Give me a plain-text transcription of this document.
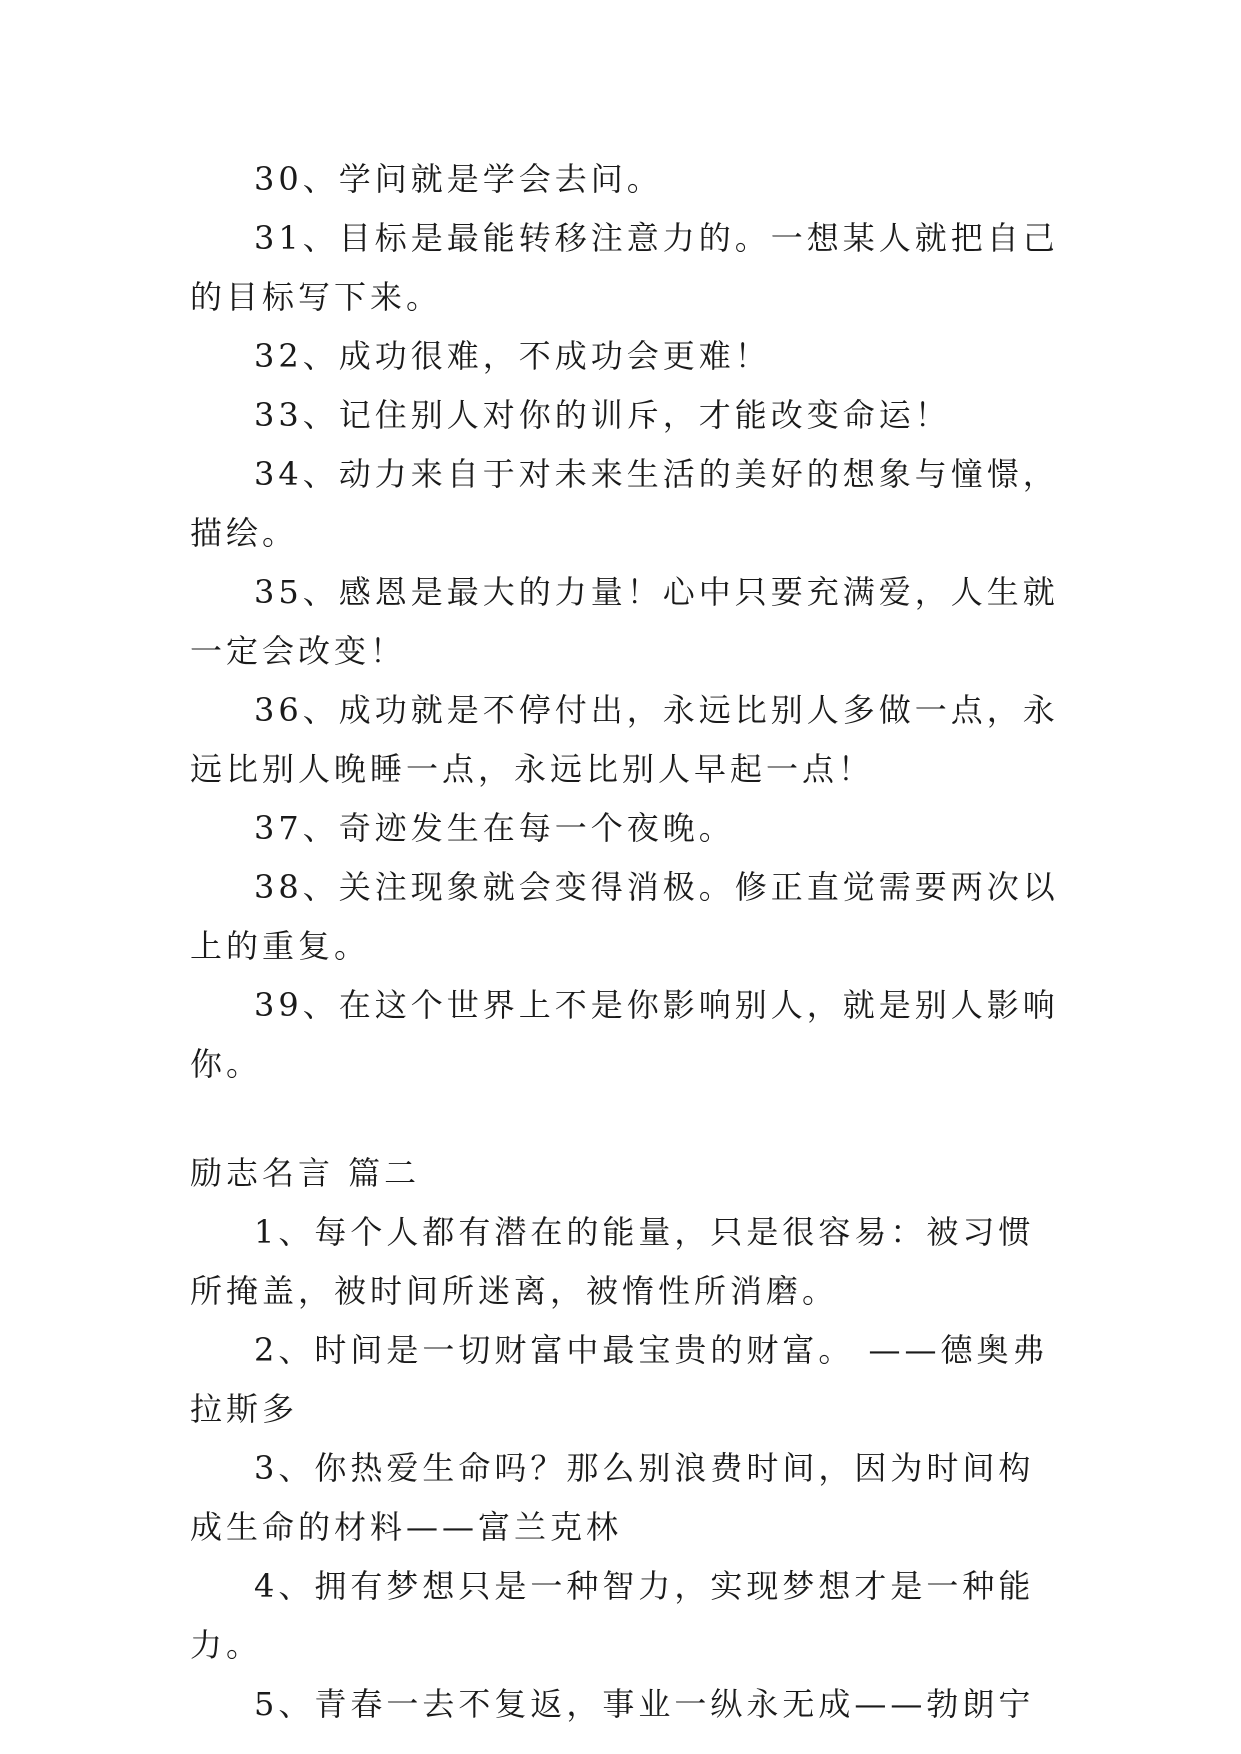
30、学问就是学会去问。

31、目标是最能转移注意力的。一想某人就把自己的目标写下来。

32、成功很难，不成功会更难！

33、记住别人对你的训斥，才能改变命运！

34、动力来自于对未来生活的美好的想象与憧憬，描绘。

35、感恩是最大的力量！心中只要充满爱，人生就一定会改变！

36、成功就是不停付出，永远比别人多做一点，永远比别人晚睡一点，永远比别人早起一点！

37、奇迹发生在每一个夜晚。

38、关注现象就会变得消极。修正直觉需要两次以上的重复。

39、在这个世界上不是你影响别人，就是别人影响你。

励志名言 篇二

1、每个人都有潜在的能量，只是很容易：被习惯所掩盖，被时间所迷离，被惰性所消磨。

2、时间是一切财富中最宝贵的财富。 ——德奥弗拉斯多

3、你热爱生命吗？那么别浪费时间，因为时间构成生命的材料——富兰克林

4、拥有梦想只是一种智力，实现梦想才是一种能力。

5、青春一去不复返，事业一纵永无成——勃朗宁
